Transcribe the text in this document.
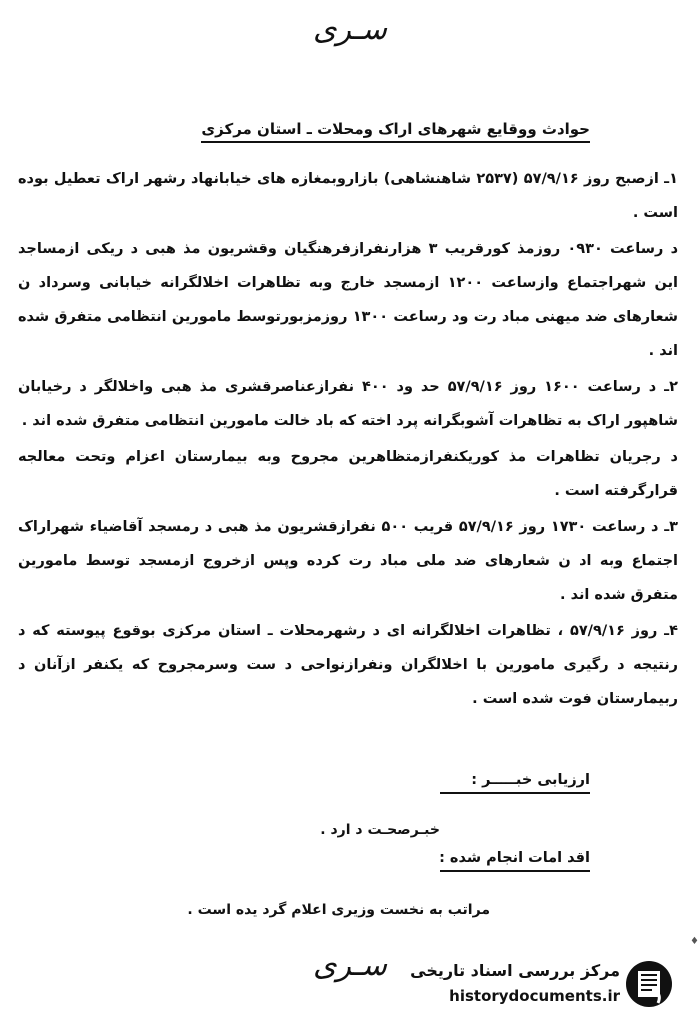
سـری
حوادث ووقایع شهرهای اراک ومحلات ـ استان مرکزی

۱ـ ازصبح روز ۵۷/۹/۱۶ (۲۵۳۷ شاهنشاهی) بازاروبمغازه های خیابانهاد رشهر اراک تعطیل بوده است .

د رساعت ۰۹۳۰ روزمذ کورقریب ۳ هزارنفرازفرهنگیان وقشریون مذ هبی د ریکی ازمساجد این شهراجتماع وازساعت ۱۲۰۰ ازمسجد خارج وبه تظاهرات اخلالگرانه خیابانی وسرداد ن شعارهای ضد میهنی مباد رت ود رساعت ۱۳۰۰ روزمزبورتوسط مامورین انتظامی متفرق شده اند .

۲ـ د رساعت ۱۶۰۰ روز ۵۷/۹/۱۶ حد ود ۴۰۰ نفرازعناصرقشری مذ هبی واخلالگر د رخیابان شاهپور اراک به تظاهرات آشوبگرانه پرد اخته که باد خالت مامورین انتظامی متفرق شده اند .

د رجریان تظاهرات مذ کوریکنفرازمتظاهرین مجروح وبه بیمارستان اعزام وتحت معالجه قرارگرفته است .

۳ـ د رساعت ۱۷۳۰ روز ۵۷/۹/۱۶ قریب ۵۰۰ نفرازقشریون مذ هبی د رمسجد آقاضیاء شهراراک اجتماع وبه اد ن شعارهای ضد ملی مباد رت کرده وپس ازخروج ازمسجد توسط مامورین متفرق شده اند .

۴ـ روز ۵۷/۹/۱۶ ، تظاهرات اخلالگرانه ای د رشهرمحلات ـ استان مرکزی بوقوع پیوسته که د رنتیجه د رگیری مامورین با اخلالگران ونفرازنواحی د ست وسرمجروح که یکنفر ازآنان د ربیمارستان فوت شده است .

ارزیابی خبـــــر :
خبـرصحـت د ارد .
اقد امات انجام شده :
مراتب به نخست وزیری اعلام گرد یده است .
سـری	مرکز بررسی اسناد تاریخی
historydocuments.ir
♦
